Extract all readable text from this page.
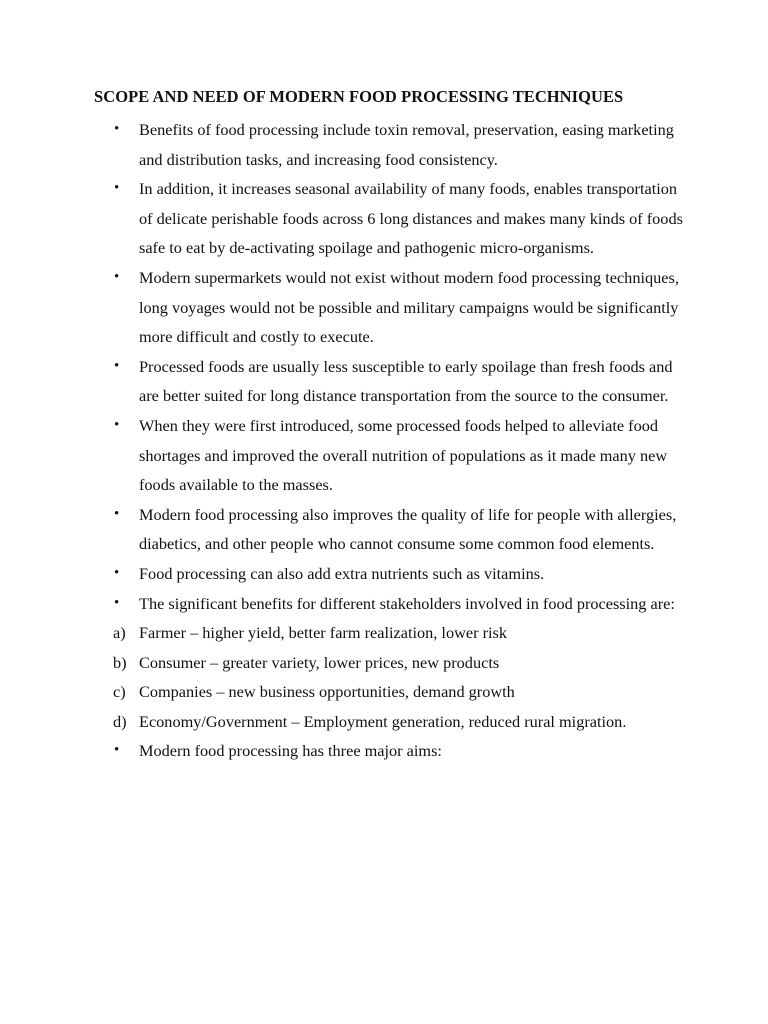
SCOPE AND NEED OF MODERN FOOD PROCESSING TECHNIQUES

•	Benefits of food processing include toxin removal, preservation, easing marketing and distribution tasks, and increasing food consistency.

•	In addition, it increases seasonal availability of many foods, enables transportation of delicate perishable foods across 6 long distances and makes many kinds of foods safe to eat by de-activating spoilage and pathogenic micro-organisms.

•	Modern supermarkets would not exist without modern food processing techniques, long voyages would not be possible and military campaigns would be significantly more difficult and costly to execute.

•	Processed foods are usually less susceptible to early spoilage than fresh foods and are better suited for long distance transportation from the source to the consumer.

•	When they were first introduced, some processed foods helped to alleviate food shortages and improved the overall nutrition of populations as it made many new foods available to the masses.

•	Modern food processing also improves the quality of life for people with allergies, diabetics, and other people who cannot consume some common food elements.

•	Food processing can also add extra nutrients such as vitamins.

•	The significant benefits for different stakeholders involved in food processing are:

a) Farmer – higher yield, better farm realization, lower risk

b) Consumer – greater variety, lower prices, new products

c) Companies – new business opportunities, demand growth

d) Economy/Government – Employment generation, reduced rural migration.

•	Modern food processing has three major aims:
